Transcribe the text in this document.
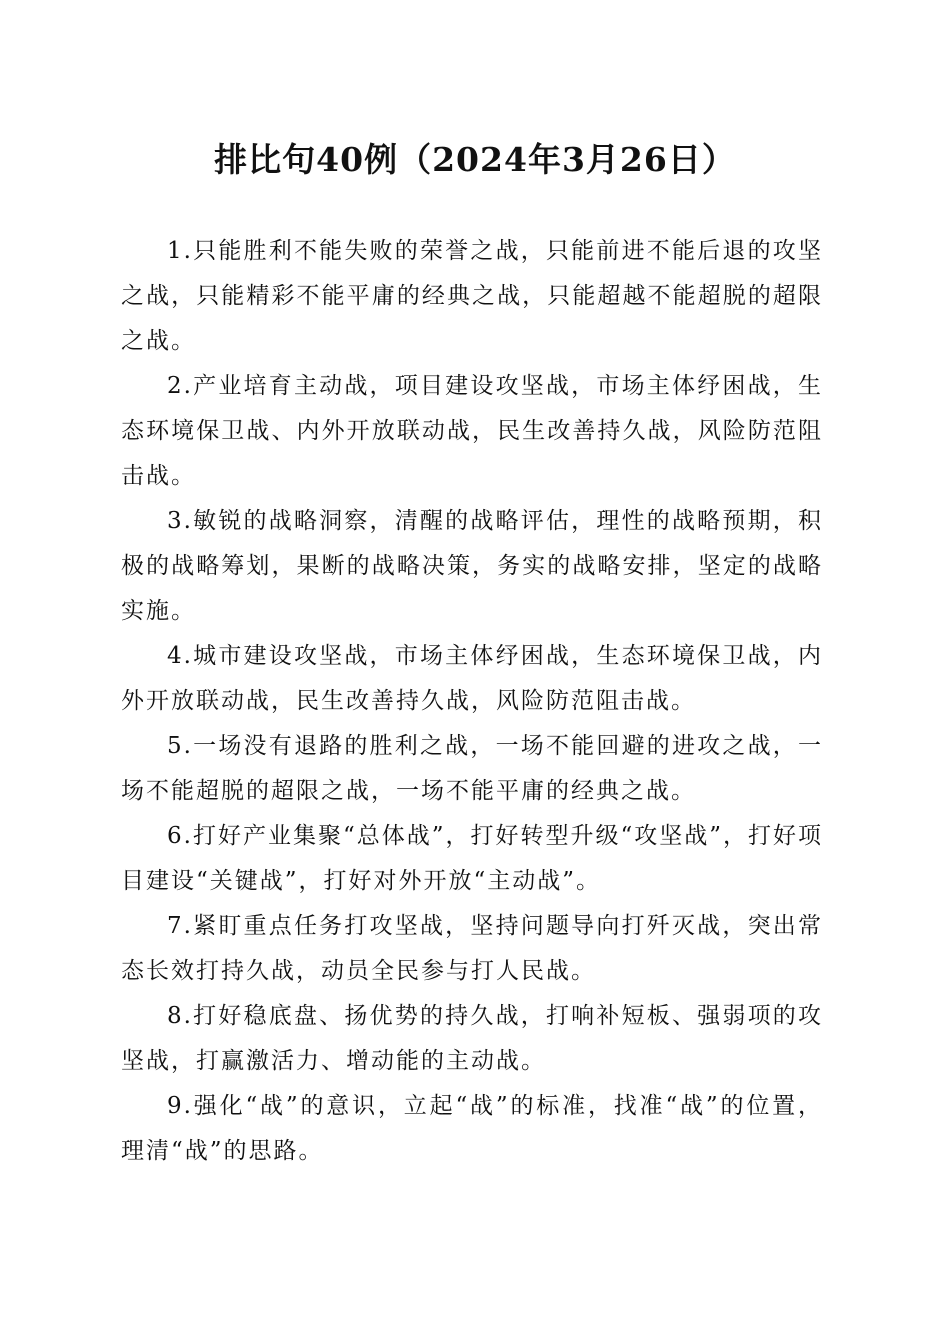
排比句40例（2024年3月26日）

1.只能胜利不能失败的荣誉之战，只能前进不能后退的攻坚之战，只能精彩不能平庸的经典之战，只能超越不能超脱的超限之战。

2.产业培育主动战，项目建设攻坚战，市场主体纾困战，生态环境保卫战、内外开放联动战，民生改善持久战，风险防范阻击战。

3.敏锐的战略洞察，清醒的战略评估，理性的战略预期，积极的战略筹划，果断的战略决策，务实的战略安排，坚定的战略实施。

4.城市建设攻坚战，市场主体纾困战，生态环境保卫战，内外开放联动战，民生改善持久战，风险防范阻击战。

5.一场没有退路的胜利之战，一场不能回避的进攻之战，一场不能超脱的超限之战，一场不能平庸的经典之战。

6.打好产业集聚“总体战”，打好转型升级“攻坚战”，打好项目建设“关键战”，打好对外开放“主动战”。

7.紧盯重点任务打攻坚战，坚持问题导向打歼灭战，突出常态长效打持久战，动员全民参与打人民战。

8.打好稳底盘、扬优势的持久战，打响补短板、强弱项的攻坚战，打赢激活力、增动能的主动战。

9.强化“战”的意识，立起“战”的标准，找准“战”的位置，理清“战”的思路。
